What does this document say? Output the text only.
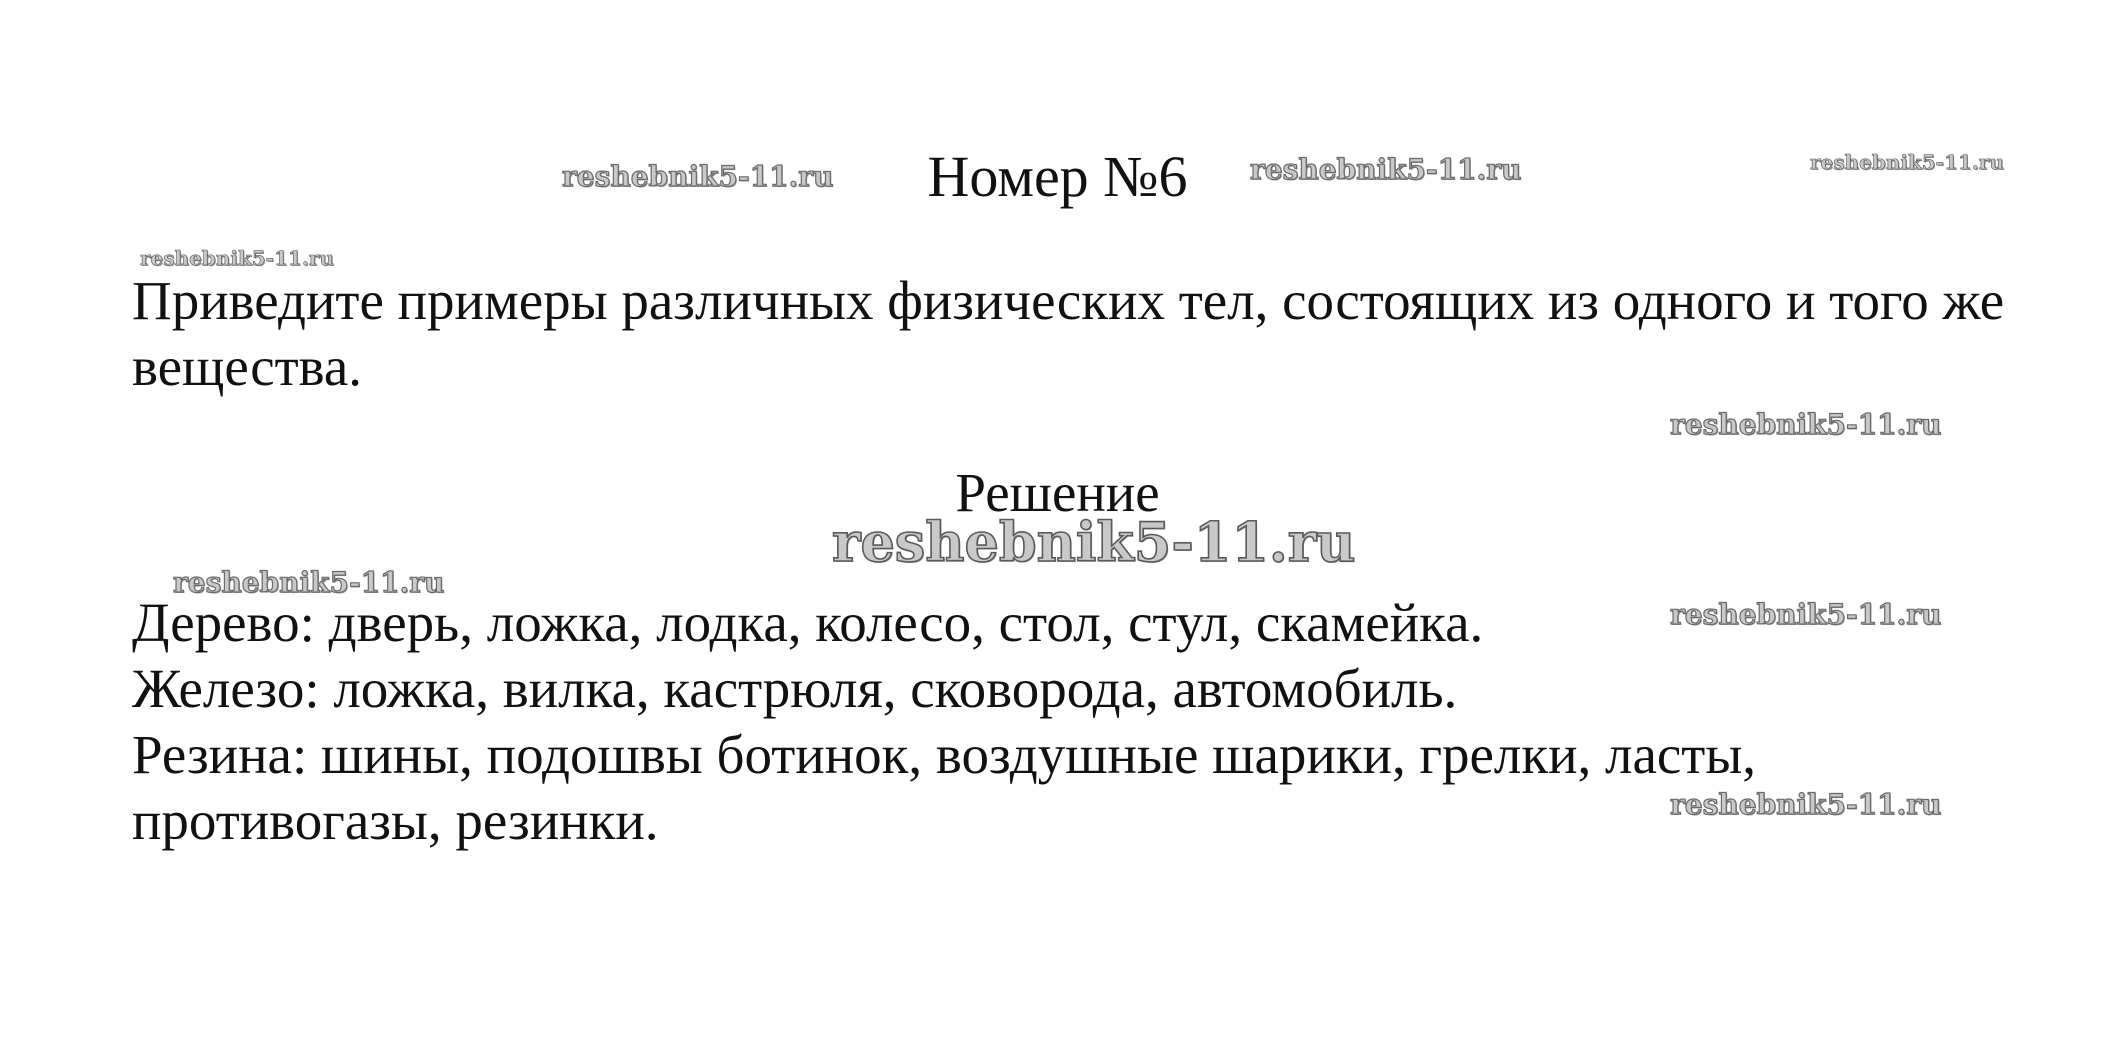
Номер №6

Приведите примеры различных физических тел, состоящих из одного и того же вещества.

Решение
Дерево: дверь, ложка, лодка, колесо, стол, стул, скамейка.
Железо: ложка, вилка, кастрюля, сковорода, автомобиль.
Резина: шины, подошвы ботинок, воздушные шарики, грелки, ласты, противогазы, резинки.
reshebnik5-11.ru	reshebnik5-11.ru	reshebnik5-11.ru
reshebnik5-11.ru
reshebnik5-11.ru
reshebnik5-11.ru
reshebnik5-11.ru
reshebnik5-11.ru
reshebnik5-11.ru
